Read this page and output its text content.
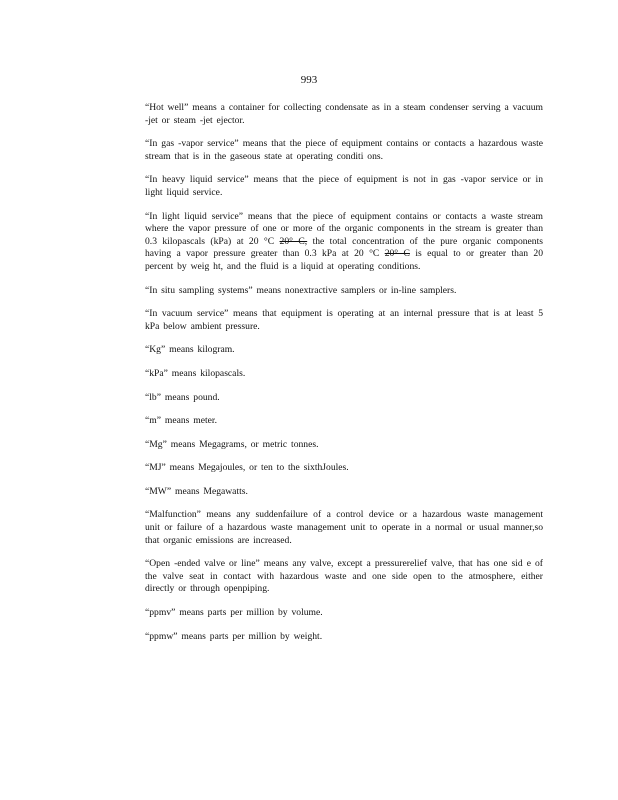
993

“Hot well” means a container for collecting condensate as in a steam condenser serving a vacuum -jet or steam -jet ejector.

“In gas -vapor service” means that the piece of equipment contains or contacts a hazardous waste stream that is in the gaseous state at operating conditi ons.

“In heavy liquid service” means that the piece of equipment is not in gas -vapor service or in light liquid service.

“In light liquid service” means that the piece of equipment contains or contacts a waste stream where the vapor pressure of one or more of the organic components in the stream is greater than 0.3 kilopascals (kPa) at 20 °C 20° C, the total concentration of the pure organic components having a vapor pressure greater than 0.3 kPa at 20 °C 20° C is equal to or greater than 20 percent by weig ht, and the fluid is a liquid at operating conditions.

“In situ sampling systems” means nonextractive samplers or in-line samplers.

“In vacuum service” means that equipment is operating at an internal pressure that is at least 5 kPa below ambient pressure.

“Kg” means kilogram.

“kPa” means kilopascals.

“lb” means pound.

“m” means meter.

“Mg” means Megagrams, or metric tonnes.

“MJ” means Megajoules, or ten to the sixthJoules.

“MW” means Megawatts.

“Malfunction” means any suddenfailure of a control device or a hazardous waste management unit or failure of a hazardous waste management unit to operate in a normal or usual manner,so that organic emissions are increased.

“Open -ended valve or line” means any valve, except a pressurerelief valve, that has one sid e of the valve seat in contact with hazardous waste and one side open to the atmosphere, either directly or through openpiping.

“ppmv” means parts per million by volume.

“ppmw” means parts per million by weight.
